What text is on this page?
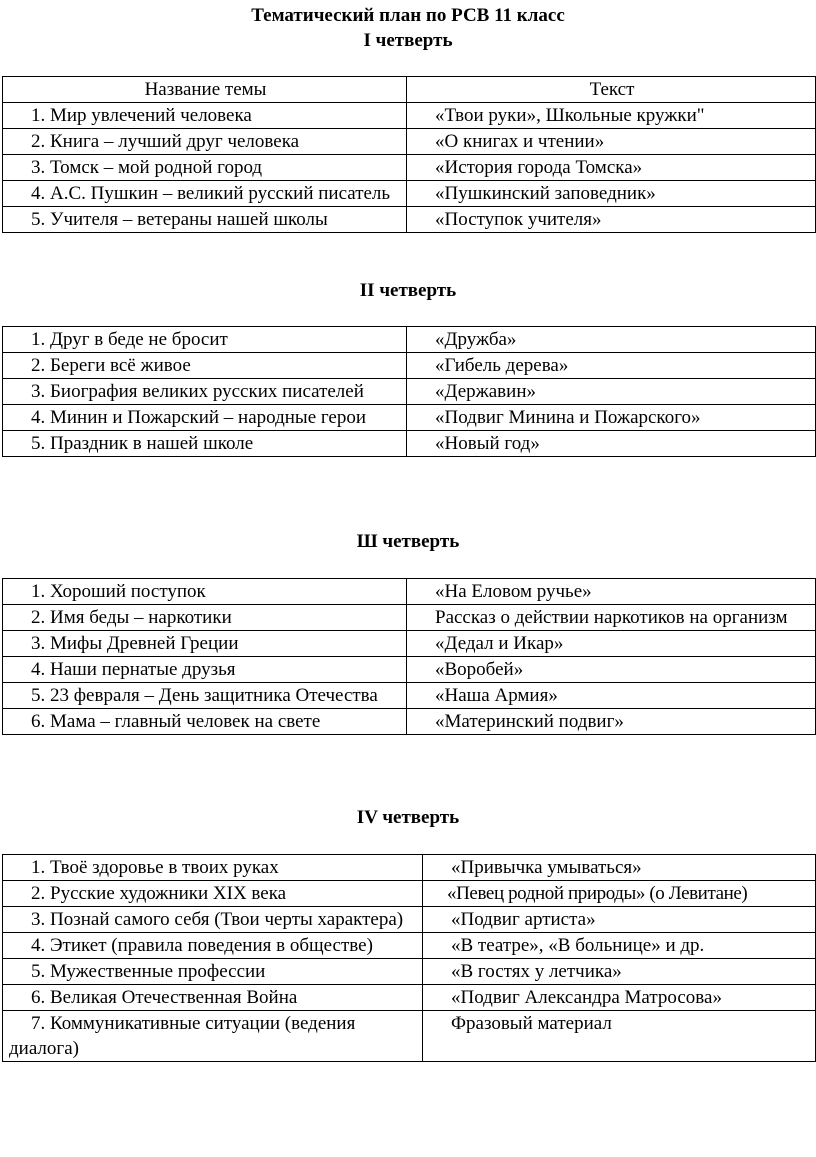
Тематический план по РСВ 11 класс
I четверть
Название темы	Текст
1. Мир увлечений человека	«Твои руки», Школьные кружки"
2. Книга – лучший друг человека	«О книгах и чтении»
3. Томск – мой родной город	«История города Томска»
4. А.С. Пушкин – великий русский писатель	«Пушкинский заповедник»
5. Учителя – ветераны нашей школы	«Поступок учителя»
II четверть
1. Друг в беде не бросит	«Дружба»
2. Береги всё живое	«Гибель дерева»
3. Биография великих русских писателей	«Державин»
4. Минин и Пожарский – народные герои	«Подвиг Минина и Пожарского»
5. Праздник в нашей школе	«Новый год»
Ш четверть
1. Хороший поступок	«На Еловом ручье»
2. Имя беды – наркотики	Рассказ о действии наркотиков на организм
3. Мифы Древней Греции	«Дедал и Икар»
4. Наши пернатые друзья	«Воробей»
5. 23 февраля – День защитника Отечества	«Наша Армия»
6. Мама – главный человек на свете	«Материнский подвиг»
IV четверть
1. Твоё здоровье в твоих руках	«Привычка умываться»
2. Русские художники XIX века	«Певец родной природы» (о Левитане)
3. Познай самого себя (Твои черты характера)	«Подвиг артиста»
4. Этикет (правила поведения в обществе)	«В театре», «В больнице» и др.
5. Мужественные профессии	«В гостях у летчика»
6. Великая Отечественная Война	«Подвиг Александра Матросова»
7. Коммуникативные ситуации (ведения диалога)	Фразовый материал
